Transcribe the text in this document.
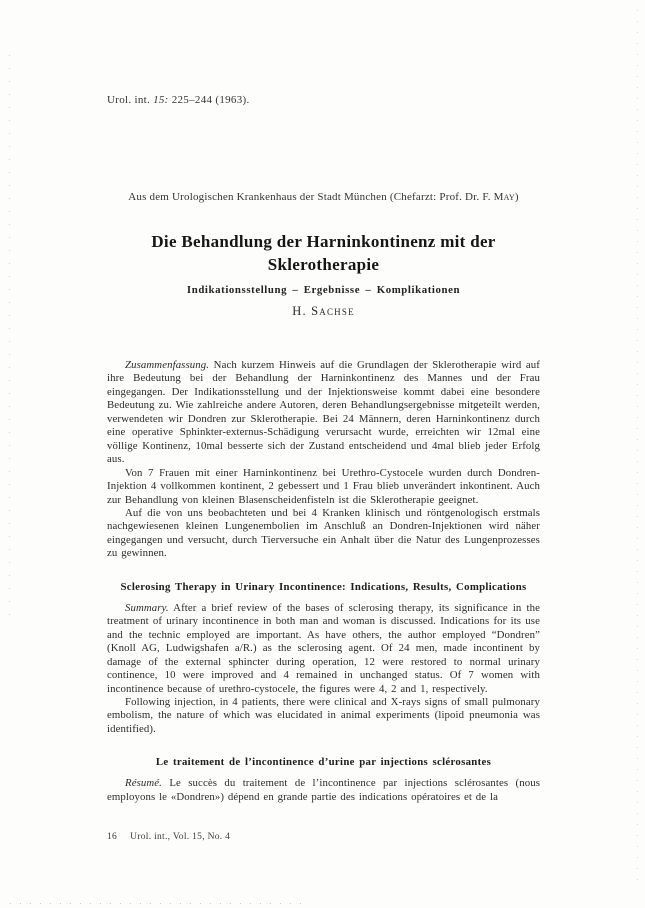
Urol. int. 15: 225–244 (1963).
Aus dem Urologischen Krankenhaus der Stadt München (Chefarzt: Prof. Dr. F. May)
Die Behandlung der Harninkontinenz mit der
Sklerotherapie
Indikationsstellung – Ergebnisse – Komplikationen
H. Sachse

Zusammenfassung. Nach kurzem Hinweis auf die Grundlagen der Sklerotherapie wird auf ihre Bedeutung bei der Behandlung der Harninkontinenz des Mannes und der Frau eingegangen. Der Indikationsstellung und der Injektionsweise kommt dabei eine besondere Bedeutung zu. Wie zahlreiche andere Autoren, deren Behandlungsergebnisse mitgeteilt werden, verwendeten wir Dondren zur Sklerotherapie. Bei 24 Männern, deren Harninkontinenz durch eine operative Sphinkter-externus-Schädigung verursacht wurde, erreichten wir 12mal eine völlige Kontinenz, 10mal besserte sich der Zustand entscheidend und 4mal blieb jeder Erfolg aus.

Von 7 Frauen mit einer Harninkontinenz bei Urethro-Cystocele wurden durch Dondren-Injektion 4 vollkommen kontinent, 2 gebessert und 1 Frau blieb unverändert inkontinent. Auch zur Behandlung von kleinen Blasenscheidenfisteln ist die Sklerotherapie geeignet.

Auf die von uns beobachteten und bei 4 Kranken klinisch und röntgenologisch erstmals nachgewiesenen kleinen Lungenembolien im Anschluß an Dondren-Injektionen wird näher eingegangen und versucht, durch Tierversuche ein Anhalt über die Natur des Lungenprozesses zu gewinnen.

Sclerosing Therapy in Urinary Incontinence: Indications, Results, Complications

Summary. After a brief review of the bases of sclerosing therapy, its significance in the treatment of urinary incontinence in both man and woman is discussed. Indications for its use and the technic employed are important. As have others, the author employed “Dondren” (Knoll AG, Ludwigshafen a/R.) as the sclerosing agent. Of 24 men, made incontinent by damage of the external sphincter during operation, 12 were restored to normal urinary continence, 10 were improved and 4 remained in unchanged status. Of 7 women with incontinence because of urethro-cystocele, the figures were 4, 2 and 1, respectively.

Following injection, in 4 patients, there were clinical and X-rays signs of small pulmonary embolism, the nature of which was elucidated in animal experiments (lipoid pneumonia was identified).

Le traitement de l’incontinence d’urine par injections sclérosantes

Résumé. Le succès du traitement de l’incontinence par injections sclérosantes (nous employons le «Dondren») dépend en grande partie des indications opératoires et de la

16 Urol. int., Vol. 15, No. 4
